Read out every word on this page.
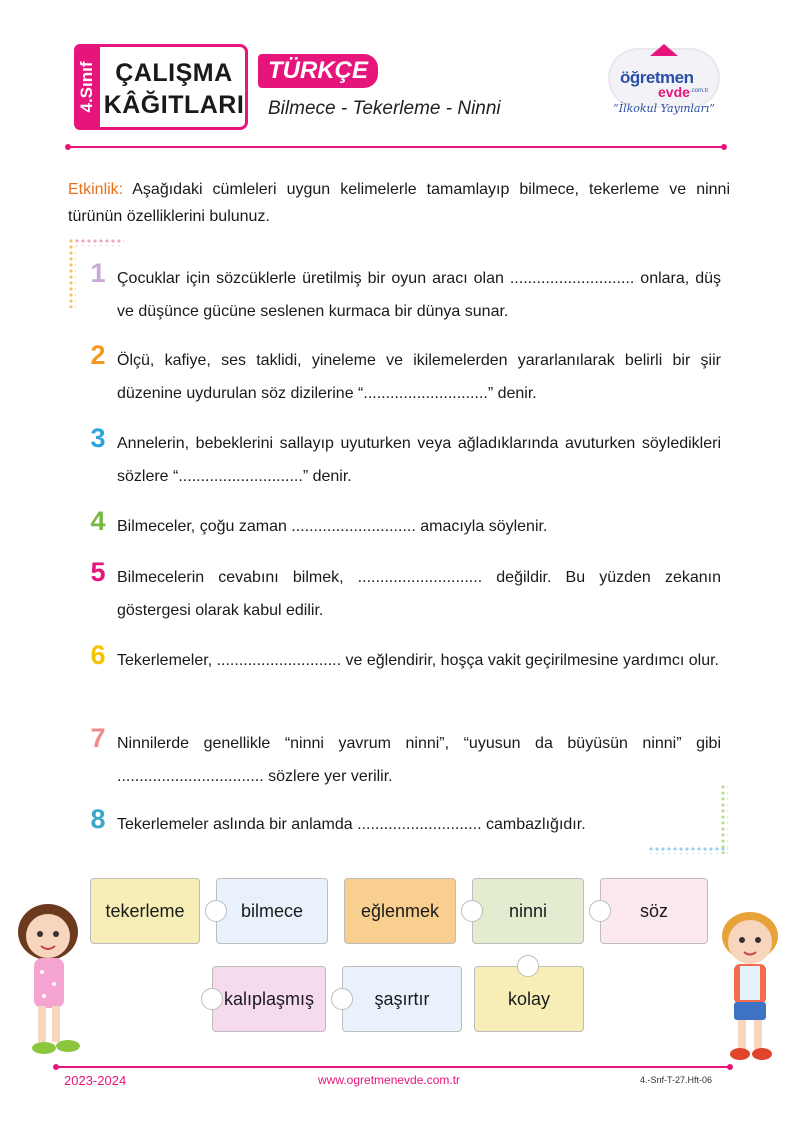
4.Sınıf ÇALIŞMA
KÂĞITLARI
TÜRKÇE
Bilmece - Tekerleme - Ninni
öğretmen
evde .com.tr
“İlkokul Yayınları”
Etkinlik: Aşağıdaki cümleleri uygun kelimelerle tamamlayıp bilmece, tekerleme ve ninni türünün özelliklerini bulunuz.
1 Çocuklar için sözcüklerle üretilmiş bir oyun aracı olan ............................ onlara, düş ve düşünce gücüne seslenen kurmaca bir dünya sunar.
2 Ölçü, kafiye, ses taklidi, yineleme ve ikilemelerden yararlanılarak belirli bir şiir düzenine uydurulan söz dizilerine “............................” denir.
3 Annelerin, bebeklerini sallayıp uyuturken veya ağladıklarında avuturken söyledikleri sözlere “............................” denir.
4 Bilmeceler, çoğu zaman ............................ amacıyla söylenir.
5 Bilmecelerin cevabını bilmek, ............................ değildir. Bu yüzden zekanın göstergesi olarak kabul edilir.
6 Tekerlemeler, ............................ ve eğlendirir, hoşça vakit geçirilmesine yardımcı olur.
7 Ninnilerde genellikle “ninni yavrum ninni”, “uyusun da büyüsün ninni” gibi ................................. sözlere yer verilir.
8 Tekerlemeler aslında bir anlamda ............................ cambazlığıdır.
tekerleme	bilmece	eğlenmek	ninni	söz
kalıplaşmış	şaşırtır	kolay
2023-2024	www.ogretmenevde.com.tr	4.-Snf-T-27.Hft-06
